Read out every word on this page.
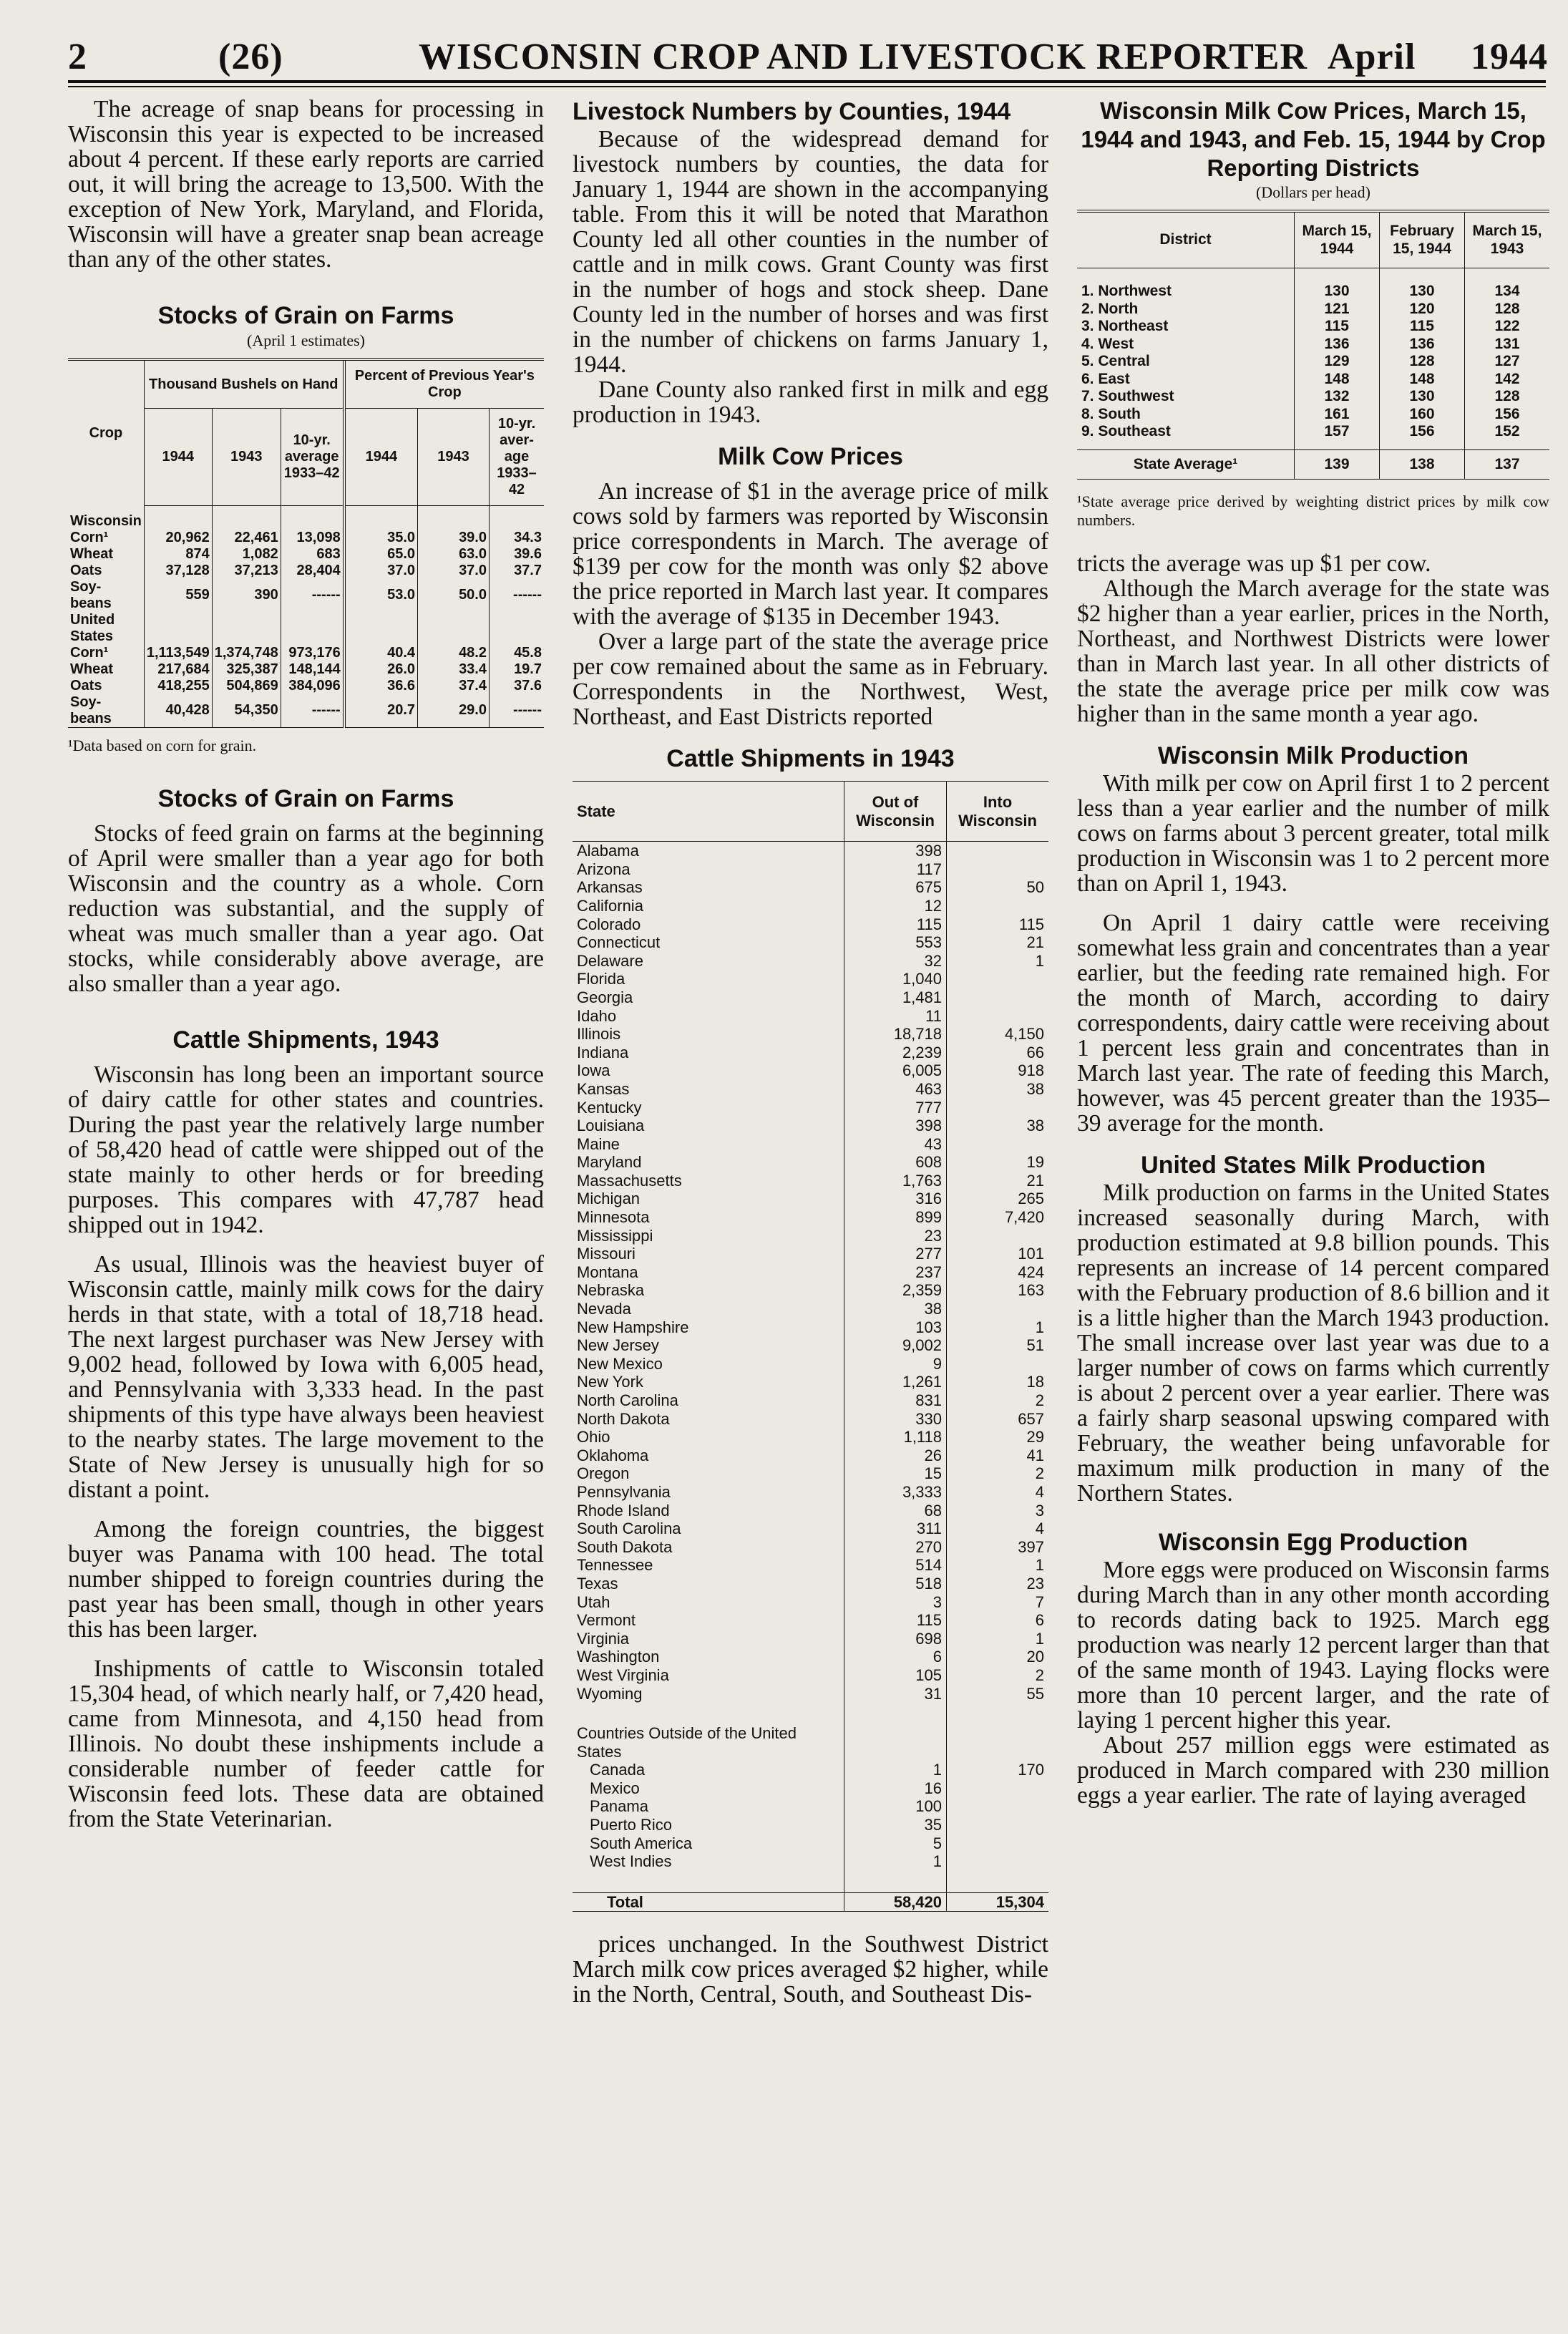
2	(26)	WISCONSIN CROP AND LIVESTOCK REPORTER April 1944

The acreage of snap beans for processing in Wisconsin this year is expected to be increased about 4 percent. If these early reports are carried out, it will bring the acreage to 13,500. With the exception of New York, Maryland, and Florida, Wisconsin will have a greater snap bean acreage than any of the other states.

Stocks of Grain on Farms
(April 1 estimates)
Crop	Thousand Bushels on Hand			Percent of Previous Year's Crop		
	1944	1943	10-yr. average 1933–42	1944	1943	10-yr. aver- age 1933– 42
Wisconsin						
Corn¹	20,962	22,461	13,098	35.0	39.0	34.3
Wheat	874	1,082	683	65.0	63.0	39.6
Oats	37,128	37,213	28,404	37.0	37.0	37.7
Soy- beans	559	390	------	53.0	50.0	------
United States						
Corn¹	1,113,549	1,374,748	973,176	40.4	48.2	45.8
Wheat	217,684	325,387	148,144	26.0	33.4	19.7
Oats	418,255	504,869	384,096	36.6	37.4	37.6
Soy- beans	40,428	54,350	------	20.7	29.0	------

¹Data based on corn for grain.

Stocks of Grain on Farms

Stocks of feed grain on farms at the beginning of April were smaller than a year ago for both Wisconsin and the country as a whole. Corn reduction was substantial, and the supply of wheat was much smaller than a year ago. Oat stocks, while considerably above average, are also smaller than a year ago.

Cattle Shipments, 1943

Wisconsin has long been an important source of dairy cattle for other states and countries. During the past year the relatively large number of 58,420 head of cattle were shipped out of the state mainly to other herds or for breeding purposes. This compares with 47,787 head shipped out in 1942.

As usual, Illinois was the heaviest buyer of Wisconsin cattle, mainly milk cows for the dairy herds in that state, with a total of 18,718 head. The next largest purchaser was New Jersey with 9,002 head, followed by Iowa with 6,005 head, and Pennsylvania with 3,333 head. In the past shipments of this type have always been heaviest to the nearby states. The large movement to the State of New Jersey is unusually high for so distant a point.

Among the foreign countries, the biggest buyer was Panama with 100 head. The total number shipped to foreign countries during the past year has been small, though in other years this has been larger.

Inshipments of cattle to Wisconsin totaled 15,304 head, of which nearly half, or 7,420 head, came from Minnesota, and 4,150 head from Illinois. No doubt these inshipments include a considerable number of feeder cattle for Wisconsin feed lots. These data are obtained from the State Veterinarian.

Livestock Numbers by Counties, 1944

Because of the widespread demand for livestock numbers by counties, the data for January 1, 1944 are shown in the accompanying table. From this it will be noted that Marathon County led all other counties in the number of cattle and in milk cows. Grant County was first in the number of hogs and stock sheep. Dane County led in the number of horses and was first in the number of chickens on farms January 1, 1944.

Dane County also ranked first in milk and egg production in 1943.

Milk Cow Prices

An increase of $1 in the average price of milk cows sold by farmers was reported by Wisconsin price correspondents in March. The average of $139 per cow for the month was only $2 above the price reported in March last year. It compares with the average of $135 in December 1943.

Over a large part of the state the average price per cow remained about the same as in February. Correspondents in the Northwest, West, Northeast, and East Districts reported

Cattle Shipments in 1943
State	Out of Wisconsin	Into Wisconsin
Alabama	398	
Arizona	117	
Arkansas	675	50
California	12	
Colorado	115	115
Connecticut	553	21
Delaware	32	1
Florida	1,040	
Georgia	1,481	
Idaho	11	
Illinois	18,718	4,150
Indiana	2,239	66
Iowa	6,005	918
Kansas	463	38
Kentucky	777	
Louisiana	398	38
Maine	43	
Maryland	608	19
Massachusetts	1,763	21
Michigan	316	265
Minnesota	899	7,420
Mississippi	23	
Missouri	277	101
Montana	237	424
Nebraska	2,359	163
Nevada	38	
New Hampshire	103	1
New Jersey	9,002	51
New Mexico	9	
New York	1,261	18
North Carolina	831	2
North Dakota	330	657
Ohio	1,118	29
Oklahoma	26	41
Oregon	15	2
Pennsylvania	3,333	4
Rhode Island	68	3
South Carolina	311	4
South Dakota	270	397
Tennessee	514	1
Texas	518	23
Utah	3	7
Vermont	115	6
Virginia	698	1
Washington	6	20
West Virginia	105	2
Wyoming	31	55

Countries Outside of the United States		
Canada	1	170
Mexico	16	
Panama	100	
Puerto Rico	35	
South America	5	
West Indies	1	

Total	58,420	15,304

prices unchanged. In the Southwest District March milk cow prices averaged $2 higher, while in the North, Central, South, and Southeast Dis-

Wisconsin Milk Cow Prices, March 15, 1944 and 1943, and Feb. 15, 1944 by Crop Reporting Districts
(Dollars per head)
District	March 15, 1944	February 15, 1944	March 15, 1943

1. Northwest	130	130	134
2. North	121	120	128
3. Northeast	115	115	122
4. West	136	136	131
5. Central	129	128	127
6. East	148	148	142
7. Southwest	132	130	128
8. South	161	160	156
9. Southeast	157	156	152

State Average¹	139	138	137

¹State average price derived by weighting district prices by milk cow numbers.

tricts the average was up $1 per cow.

Although the March average for the state was $2 higher than a year earlier, prices in the North, Northeast, and Northwest Districts were lower than in March last year. In all other districts of the state the average price per milk cow was higher than in the same month a year ago.

Wisconsin Milk Production

With milk per cow on April first 1 to 2 percent less than a year earlier and the number of milk cows on farms about 3 percent greater, total milk production in Wisconsin was 1 to 2 percent more than on April 1, 1943.

On April 1 dairy cattle were receiving somewhat less grain and concentrates than a year earlier, but the feeding rate remained high. For the month of March, according to dairy correspondents, dairy cattle were receiving about 1 percent less grain and concentrates than in March last year. The rate of feeding this March, however, was 45 percent greater than the 1935–39 average for the month.

United States Milk Production

Milk production on farms in the United States increased seasonally during March, with production estimated at 9.8 billion pounds. This represents an increase of 14 percent compared with the February production of 8.6 billion and it is a little higher than the March 1943 production. The small increase over last year was due to a larger number of cows on farms which currently is about 2 percent over a year earlier. There was a fairly sharp seasonal upswing compared with February, the weather being unfavorable for maximum milk production in many of the Northern States.

Wisconsin Egg Production

More eggs were produced on Wisconsin farms during March than in any other month according to records dating back to 1925. March egg production was nearly 12 percent larger than that of the same month of 1943. Laying flocks were more than 10 percent larger, and the rate of laying 1 percent higher this year.

About 257 million eggs were estimated as produced in March compared with 230 million eggs a year earlier. The rate of laying averaged
